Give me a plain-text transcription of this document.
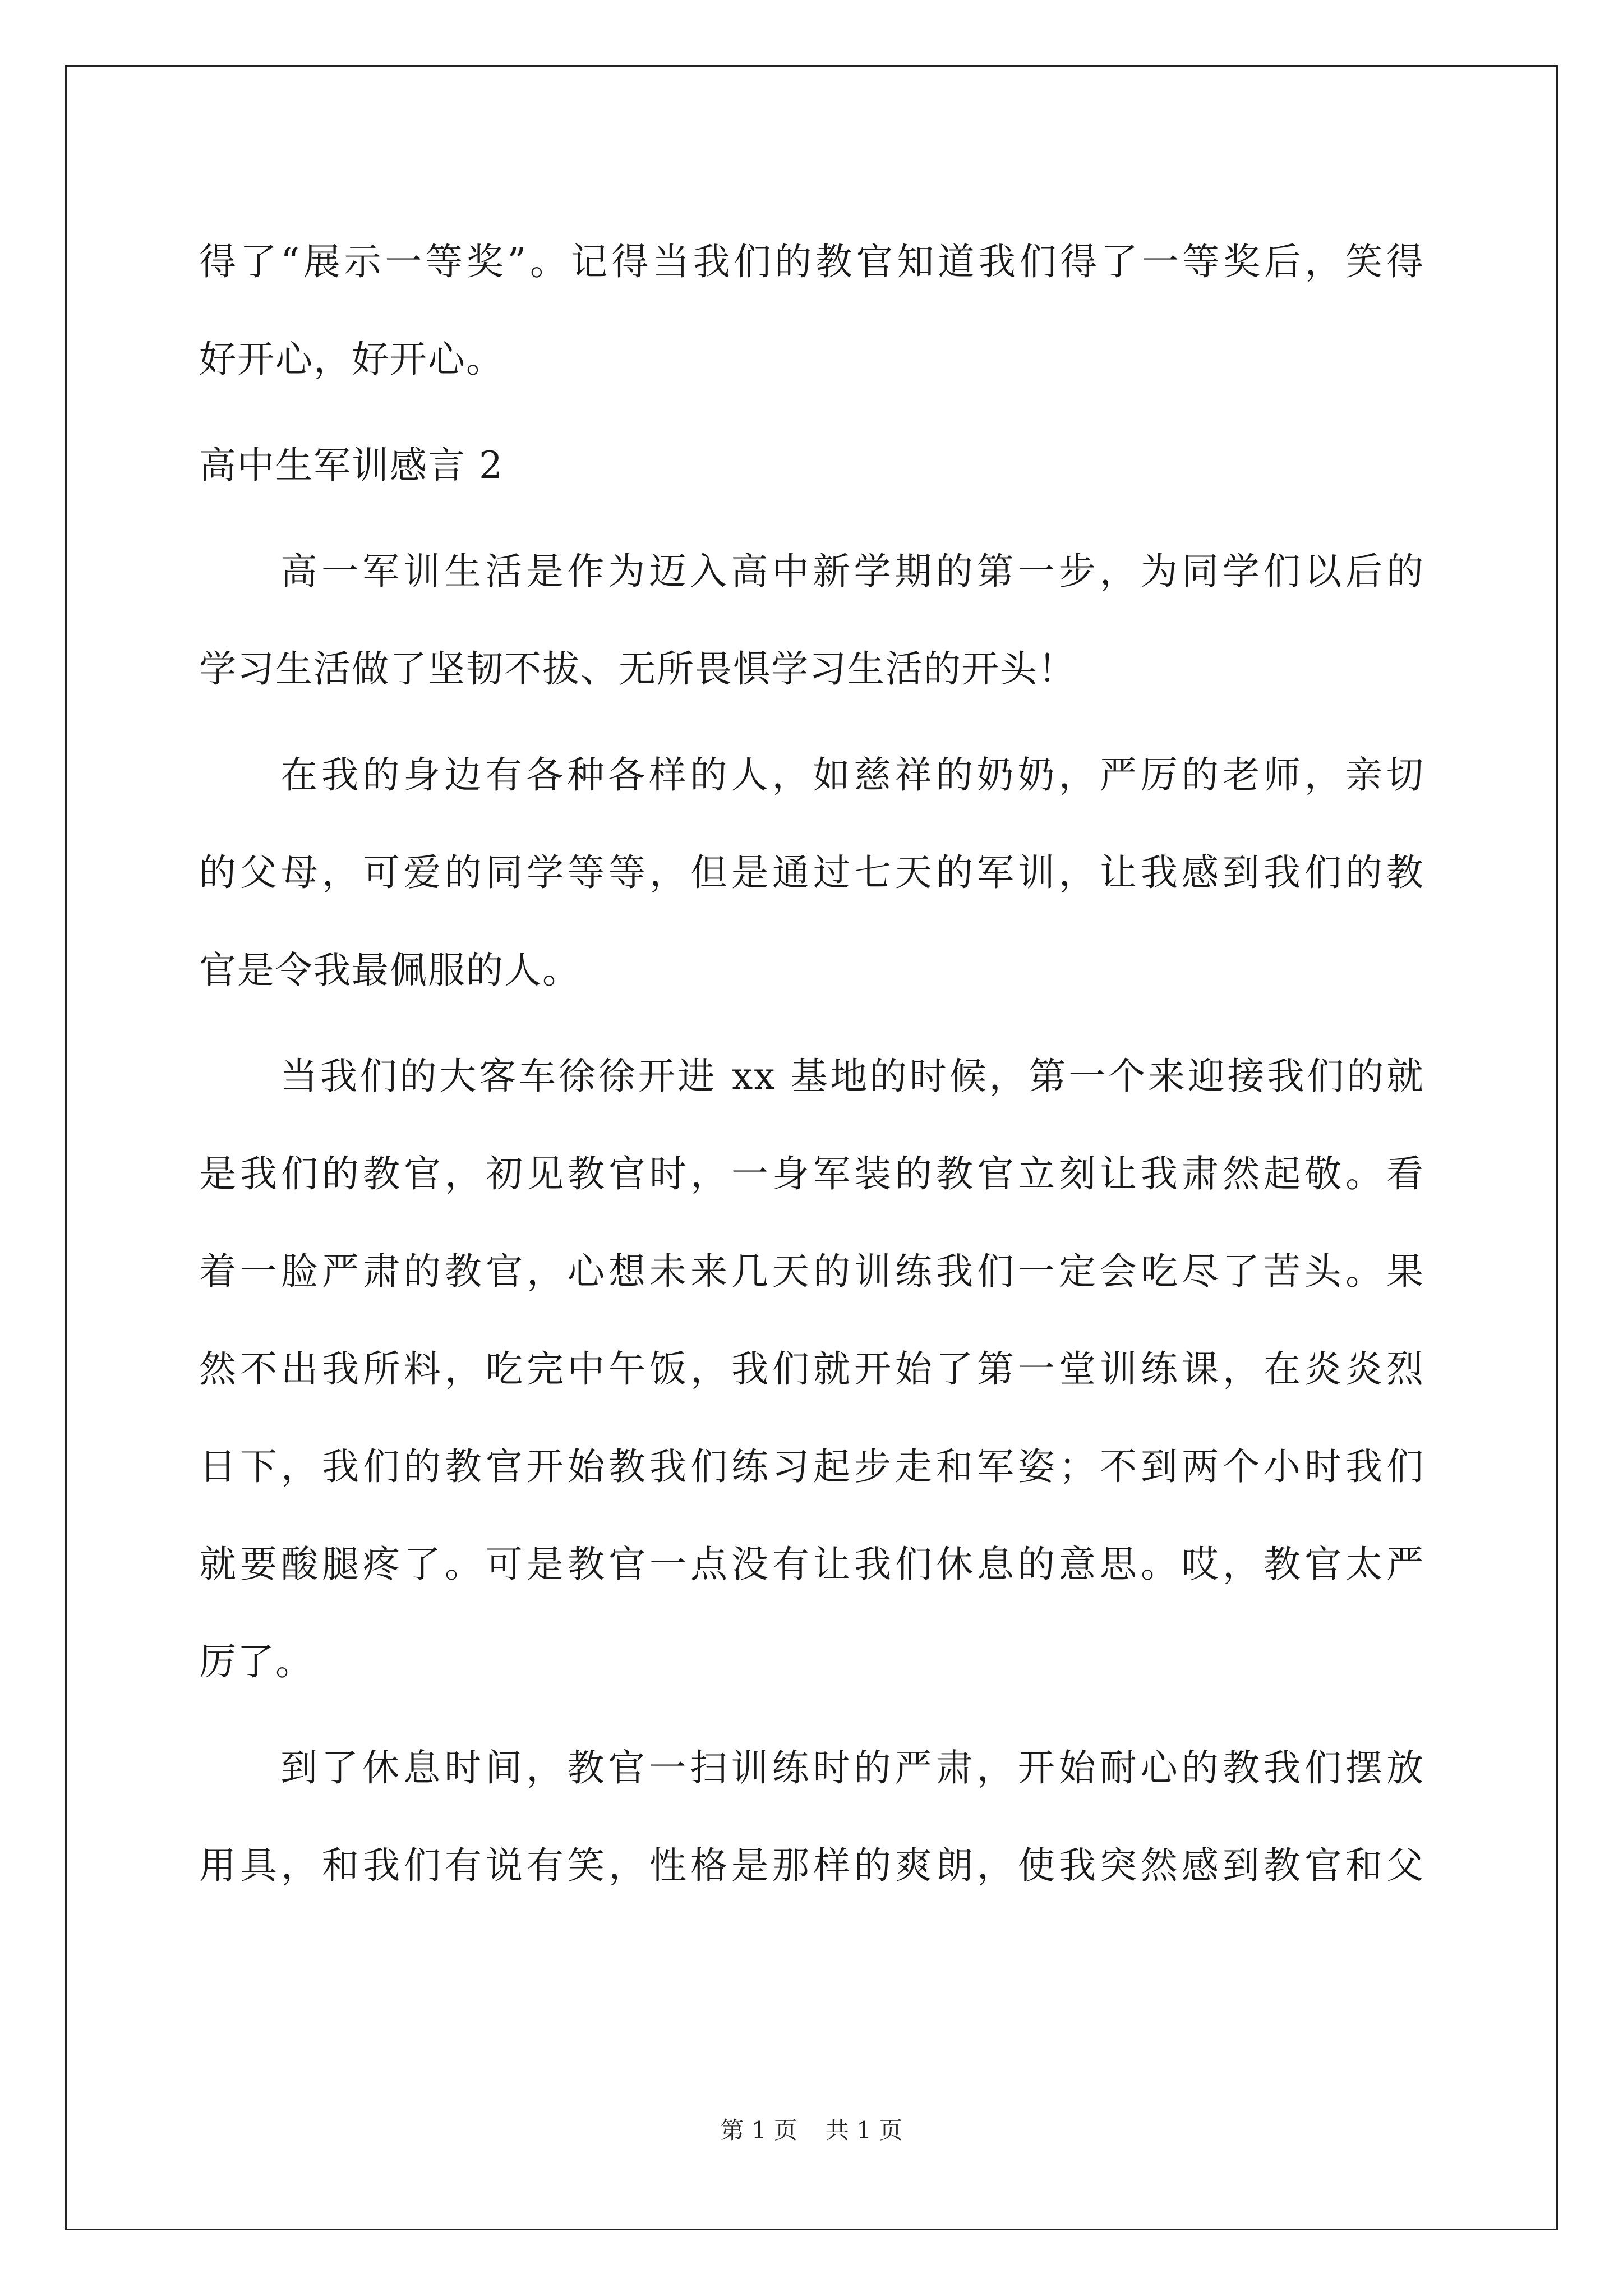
得了“展示一等奖”。记得当我们的教官知道我们得了一等奖后，笑得
好开心，好开心。
高中生军训感言 2
高一军训生活是作为迈入高中新学期的第一步，为同学们以后的
学习生活做了坚韧不拔、无所畏惧学习生活的开头！
在我的身边有各种各样的人，如慈祥的奶奶，严厉的老师，亲切
的父母，可爱的同学等等，但是通过七天的军训，让我感到我们的教
官是令我最佩服的人。
当我们的大客车徐徐开进 xx 基地的时候，第一个来迎接我们的就
是我们的教官，初见教官时，一身军装的教官立刻让我肃然起敬。看
着一脸严肃的教官，心想未来几天的训练我们一定会吃尽了苦头。果
然不出我所料，吃完中午饭，我们就开始了第一堂训练课，在炎炎烈
日下，我们的教官开始教我们练习起步走和军姿；不到两个小时我们
就要酸腿疼了。可是教官一点没有让我们休息的意思。哎，教官太严
厉了。
到了休息时间，教官一扫训练时的严肃，开始耐心的教我们摆放
用具，和我们有说有笑，性格是那样的爽朗，使我突然感到教官和父
第 1 页 共 1 页
